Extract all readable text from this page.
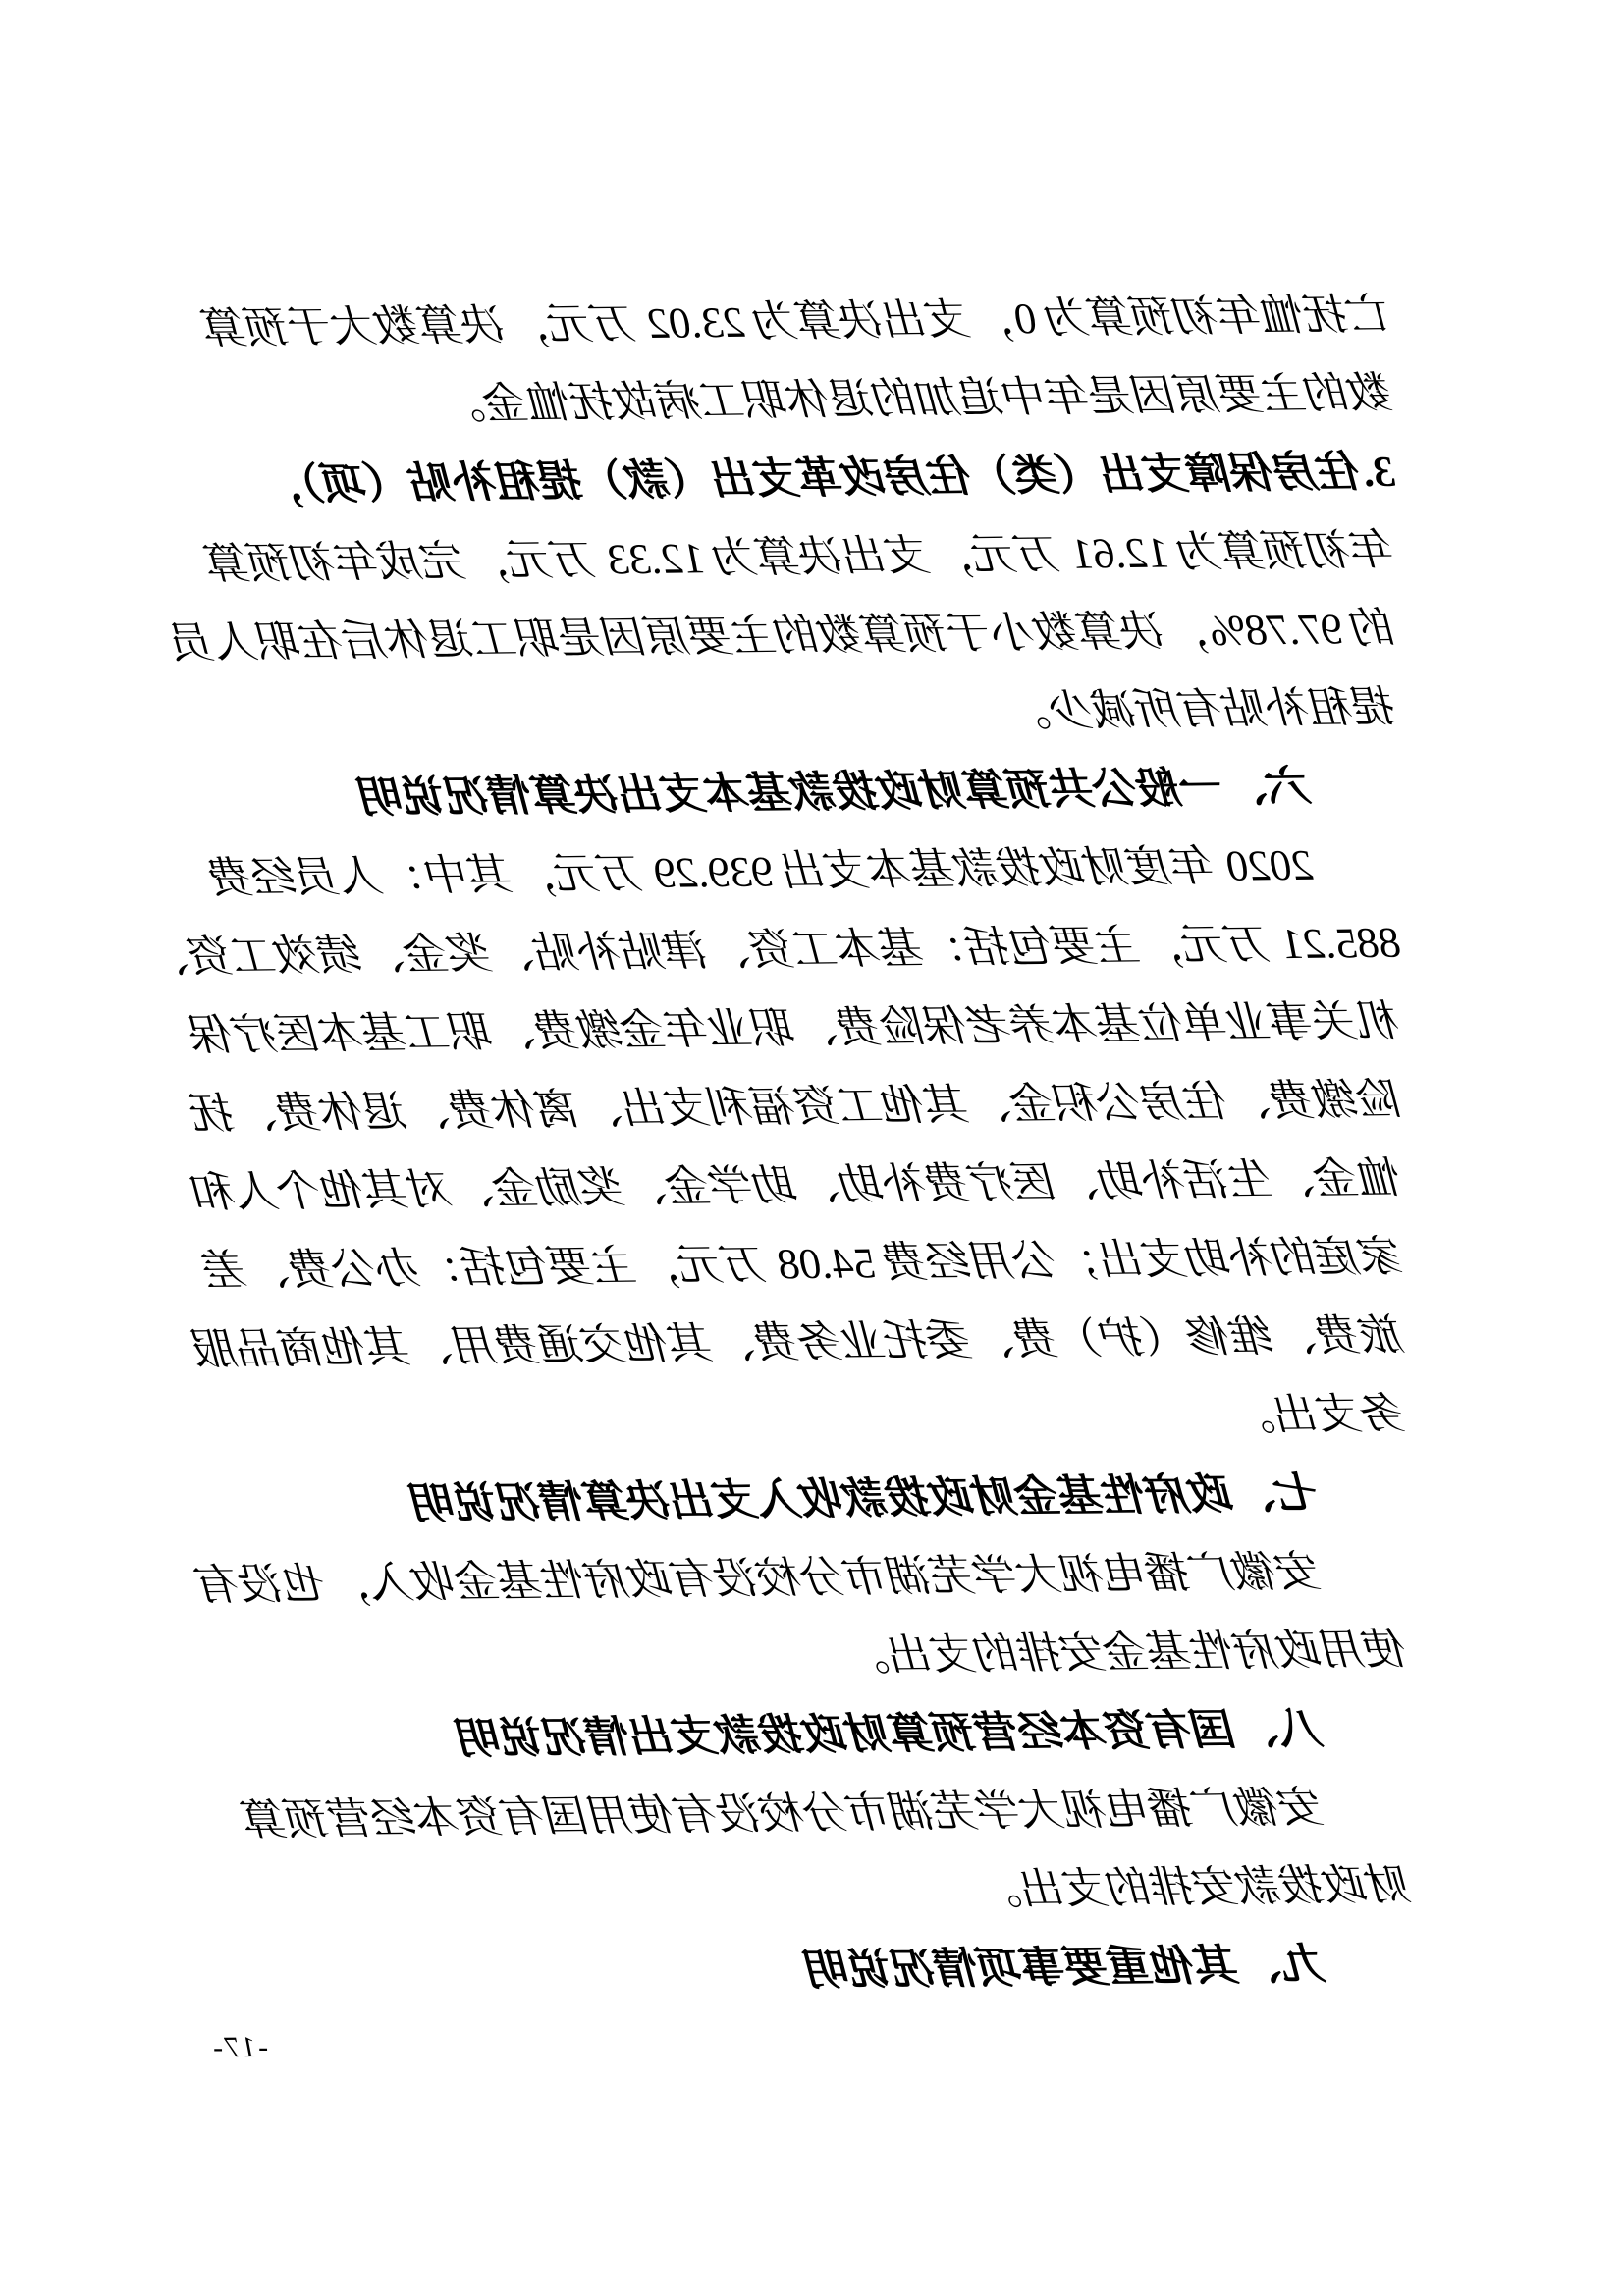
亡抚恤年初预算为 0，支出决算为 23.02 万元，决算数大于预算
数的主要原因是年中追加的退休职工病故抚恤金。
3.住房保障支出（类）住房改革支出（款）提租补贴（项），
年初预算为 12.61 万元，支出决算为 12.33 万元，完成年初预算
的 97.78%，决算数小于预算数的主要原因是职工退休后在职人员
提租补贴有所减少。
六、一般公共预算财政拨款基本支出决算情况说明
2020 年度财政拨款基本支出 939.29 万元，其中：人员经费
885.21 万元，主要包括：基本工资、津贴补贴、奖金、绩效工资、
机关事业单位基本养老保险费、职业年金缴费、职工基本医疗保
险缴费、住房公积金、其他工资福利支出、离休费、退休费、抚
恤金、生活补助、医疗费补助、助学金、奖励金、对其他个人和
家庭的补助支出；公用经费 54.08 万元，主要包括：办公费、差
旅费、维修（护）费、委托业务费、其他交通费用、其他商品服
务支出。
七、政府性基金财政拨款收入支出决算情况说明
安徽广播电视大学芜湖市分校没有政府性基金收入，也没有
使用政府性基金安排的支出。
八、国有资本经营预算财政拨款支出情况说明
安徽广播电视大学芜湖市分校没有使用国有资本经营预算
财政拨款安排的支出。
九、其他重要事项情况说明
-17-
